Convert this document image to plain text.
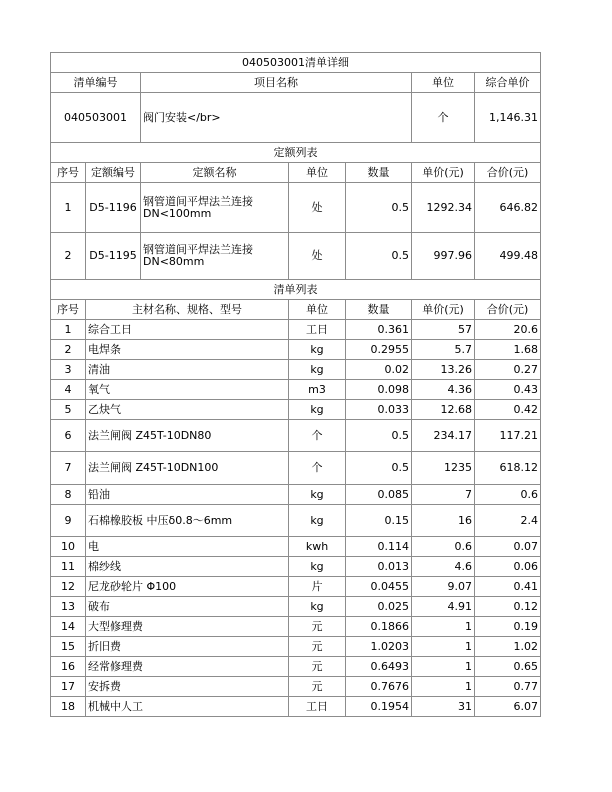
040503001清单详细						
清单编号		项目名称			单位	综合单价
040503001		阀门安装</br>			个	1,146.31
定额列表						
序号	定额编号	定额名称	单位	数量	单价(元)	合价(元)
1	D5-1196	钢管道间平焊法兰连接DN<100mm	处	0.5	1292.34	646.82
2	D5-1195	钢管道间平焊法兰连接DN<80mm	处	0.5	997.96	499.48
清单列表						
序号	主材名称、规格、型号		单位	数量	单价(元)	合价(元)
1	综合工日		工日	0.361	57	20.6
2	电焊条		kg	0.2955	5.7	1.68
3	清油		kg	0.02	13.26	0.27
4	氧气		m3	0.098	4.36	0.43
5	乙炔气		kg	0.033	12.68	0.42
6	法兰闸阀 Z45T-10DN80		个	0.5	234.17	117.21
7	法兰闸阀 Z45T-10DN100		个	0.5	1235	618.12
8	铅油		kg	0.085	7	0.6
9	石棉橡胶板 中压δ0.8～6mm		kg	0.15	16	2.4
10	电		kwh	0.114	0.6	0.07
11	棉纱线		kg	0.013	4.6	0.06
12	尼龙砂轮片 Φ100		片	0.0455	9.07	0.41
13	破布		kg	0.025	4.91	0.12
14	大型修理费		元	0.1866	1	0.19
15	折旧费		元	1.0203	1	1.02
16	经常修理费		元	0.6493	1	0.65
17	安拆费		元	0.7676	1	0.77
18	机械中人工		工日	0.1954	31	6.07
